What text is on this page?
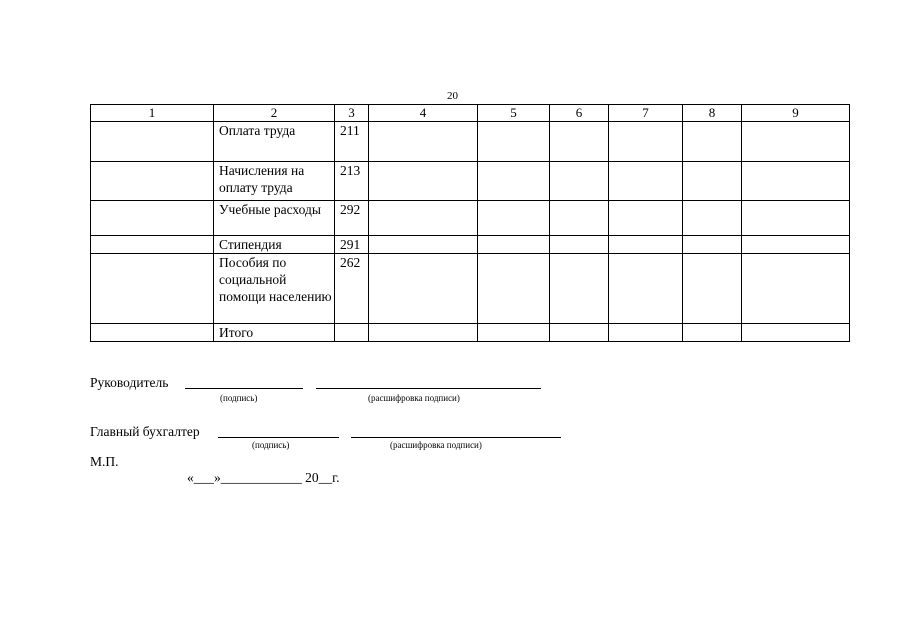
20
1	2	3	4	5	6	7	8	9
	Оплата труда	211						
	Начисления на оплату труда	213						
	Учебные расходы	292						
	Стипендия	291						
	Пособия по социальной помощи населению	262						
	Итого							
Руководитель
(подпись)	(расшифровка подписи)
Главный бухгалтер
(подпись)	(расшифровка подписи)
М.П.
«___»____________ 20__г.
